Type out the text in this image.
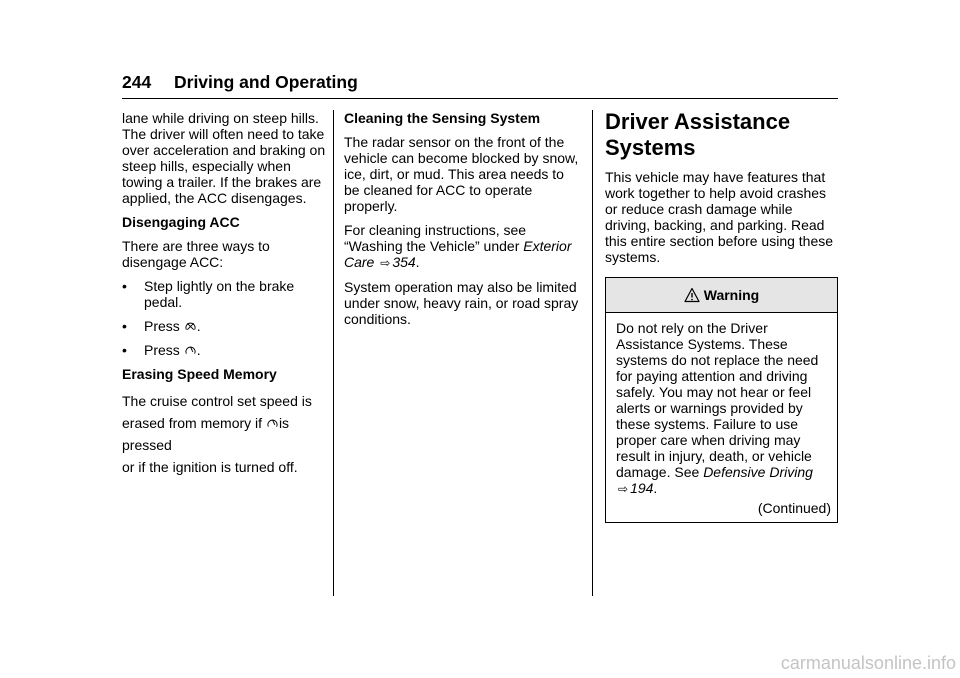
244 Driving and Operating

lane while driving on steep hills. The driver will often need to take over acceleration and braking on steep hills, especially when towing a trailer. If the brakes are applied, the ACC disengages.

Disengaging ACC

There are three ways to disengage ACC:

•	Step lightly on the brake pedal.
•	Press .
•	Press .

Erasing Speed Memory

The cruise control set speed is
erased from memory if is pressed
or if the ignition is turned off.

Cleaning the Sensing System

The radar sensor on the front of the vehicle can become blocked by snow, ice, dirt, or mud. This area needs to be cleaned for ACC to operate properly.

For cleaning instructions, see “Washing the Vehicle” under Exterior Care ⇨ 354.

System operation may also be limited under snow, heavy rain, or road spray conditions.

Driver Assistance
Systems

This vehicle may have features that work together to help avoid crashes or reduce crash damage while driving, backing, and parking. Read this entire section before using these systems.

Warning

Do not rely on the Driver Assistance Systems. These systems do not replace the need for paying attention and driving safely. You may not hear or feel alerts or warnings provided by these systems. Failure to use proper care when driving may result in injury, death, or vehicle damage. See Defensive Driving ⇨ 194.

(Continued)

carmanualsonline.info
